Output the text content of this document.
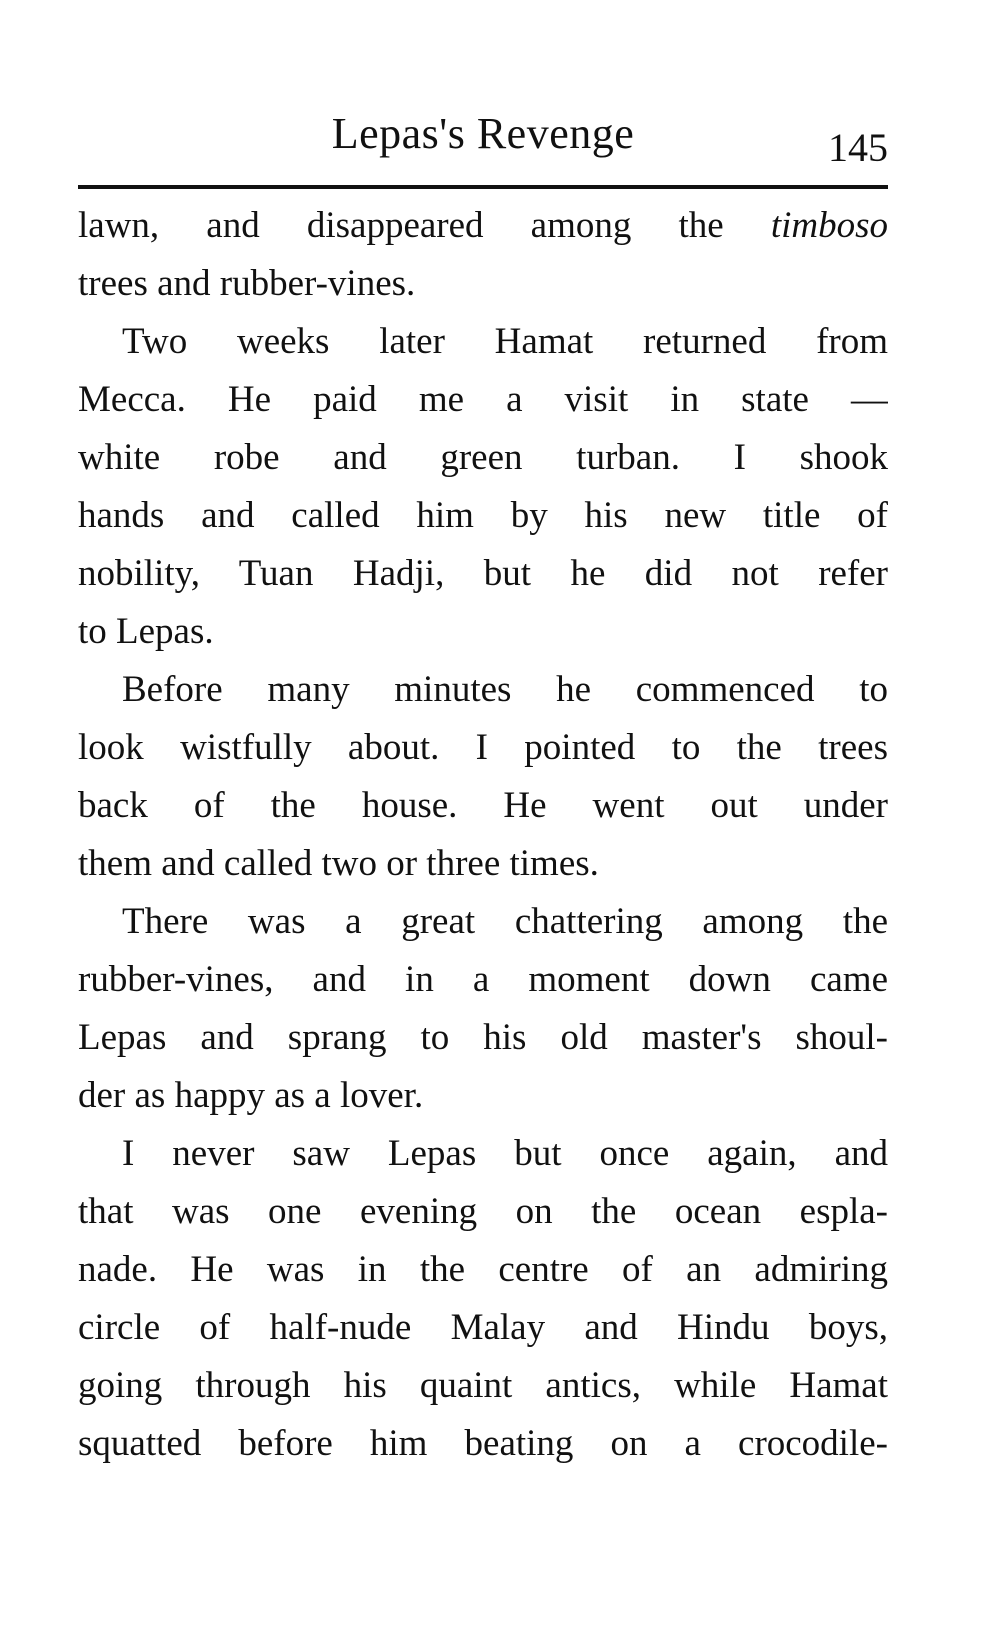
Lepas's Revenge	145
lawn, and disappeared among the timboso
trees and rubber-vines.
Two weeks later Hamat returned from
Mecca. He paid me a visit in state —
white robe and green turban. I shook
hands and called him by his new title of
nobility, Tuan Hadji, but he did not refer
to Lepas.
Before many minutes he commenced to
look wistfully about. I pointed to the trees
back of the house. He went out under
them and called two or three times.
There was a great chattering among the
rubber-vines, and in a moment down came
Lepas and sprang to his old master's shoul-
der as happy as a lover.
I never saw Lepas but once again, and
that was one evening on the ocean espla-
nade. He was in the centre of an admiring
circle of half-nude Malay and Hindu boys,
going through his quaint antics, while Hamat
squatted before him beating on a crocodile-
